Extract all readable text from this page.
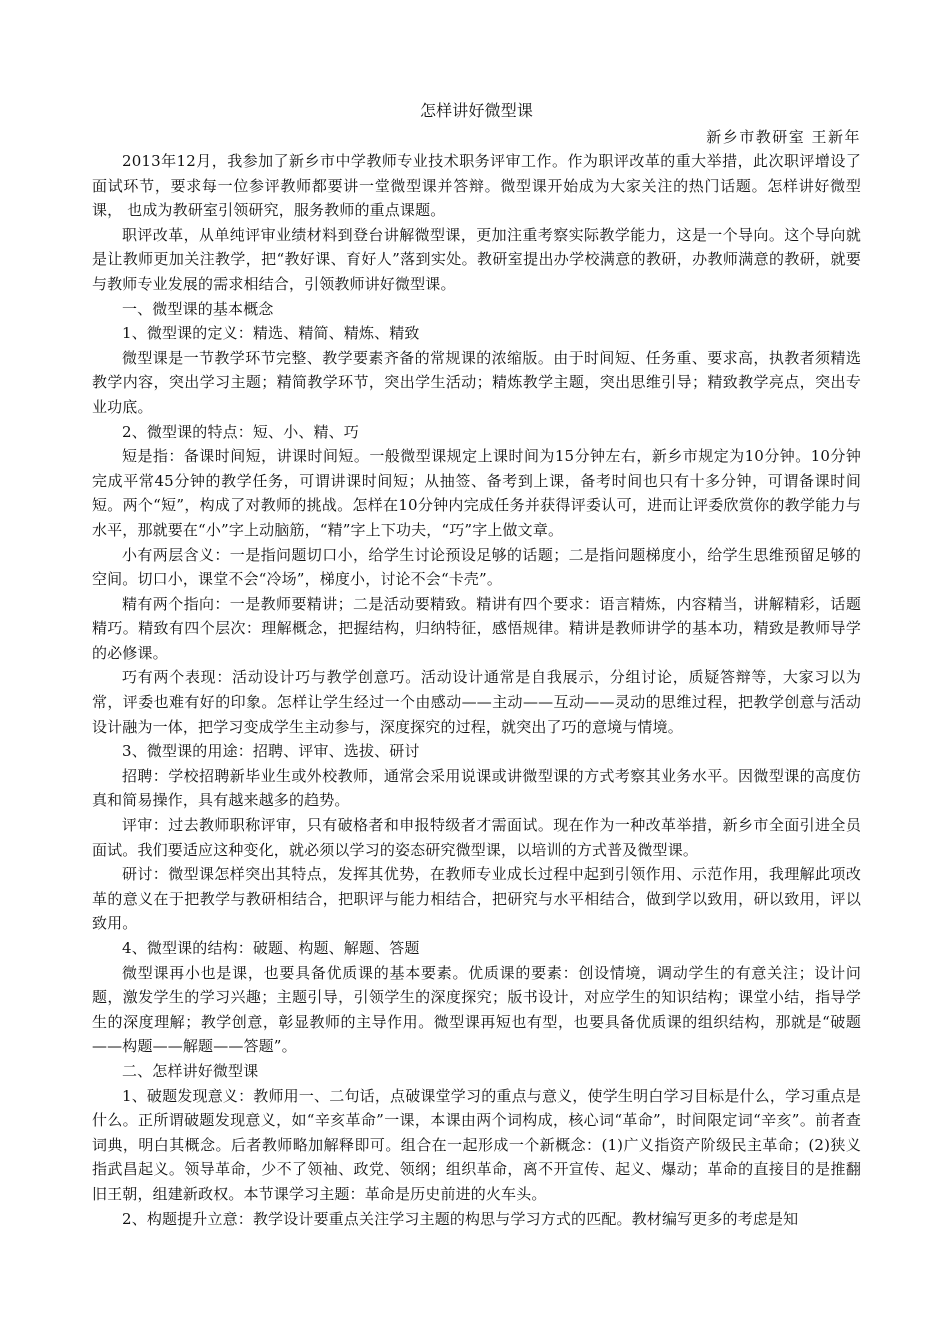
怎样讲好微型课
新乡市教研室 王新年

2013年12月，我参加了新乡市中学教师专业技术职务评审工作。作为职评改革的重大举措，此次职评增设了面试环节，要求每一位参评教师都要讲一堂微型课并答辩。微型课开始成为大家关注的热门话题。怎样讲好微型课， 也成为教研室引领研究，服务教师的重点课题。

职评改革，从单纯评审业绩材料到登台讲解微型课，更加注重考察实际教学能力，这是一个导向。这个导向就是让教师更加关注教学，把“教好课、育好人”落到实处。教研室提出办学校满意的教研，办教师满意的教研，就要与教师专业发展的需求相结合，引领教师讲好微型课。

一、微型课的基本概念

1、微型课的定义：精选、精简、精炼、精致

微型课是一节教学环节完整、教学要素齐备的常规课的浓缩版。由于时间短、任务重、要求高，执教者须精选教学内容，突出学习主题；精简教学环节，突出学生活动；精炼教学主题，突出思维引导；精致教学亮点，突出专业功底。

2、微型课的特点：短、小、精、巧

短是指：备课时间短，讲课时间短。一般微型课规定上课时间为15分钟左右，新乡市规定为10分钟。10分钟完成平常45分钟的教学任务，可谓讲课时间短；从抽签、备考到上课，备考时间也只有十多分钟，可谓备课时间短。两个“短”，构成了对教师的挑战。怎样在10分钟内完成任务并获得评委认可，进而让评委欣赏你的教学能力与水平，那就要在“小”字上动脑筋，“精”字上下功夫，“巧”字上做文章。

小有两层含义：一是指问题切口小，给学生讨论预设足够的话题；二是指问题梯度小，给学生思维预留足够的空间。切口小，课堂不会“冷场”，梯度小，讨论不会“卡壳”。

精有两个指向：一是教师要精讲；二是活动要精致。精讲有四个要求：语言精炼，内容精当，讲解精彩，话题精巧。精致有四个层次：理解概念，把握结构，归纳特征，感悟规律。精讲是教师讲学的基本功，精致是教师导学的必修课。

巧有两个表现：活动设计巧与教学创意巧。活动设计通常是自我展示，分组讨论，质疑答辩等，大家习以为常，评委也难有好的印象。怎样让学生经过一个由感动——主动——互动——灵动的思维过程，把教学创意与活动设计融为一体，把学习变成学生主动参与，深度探究的过程，就突出了巧的意境与情境。

3、微型课的用途：招聘、评审、选拔、研讨

招聘：学校招聘新毕业生或外校教师，通常会采用说课或讲微型课的方式考察其业务水平。因微型课的高度仿真和简易操作，具有越来越多的趋势。

评审：过去教师职称评审，只有破格者和申报特级者才需面试。现在作为一种改革举措，新乡市全面引进全员面试。我们要适应这种变化，就必须以学习的姿态研究微型课，以培训的方式普及微型课。

研讨：微型课怎样突出其特点，发挥其优势，在教师专业成长过程中起到引领作用、示范作用，我理解此项改革的意义在于把教学与教研相结合，把职评与能力相结合，把研究与水平相结合，做到学以致用，研以致用，评以致用。

4、微型课的结构：破题、构题、解题、答题

微型课再小也是课，也要具备优质课的基本要素。优质课的要素：创设情境，调动学生的有意关注；设计问题，激发学生的学习兴趣；主题引导，引领学生的深度探究；版书设计，对应学生的知识结构；课堂小结，指导学生的深度理解；教学创意，彰显教师的主导作用。微型课再短也有型，也要具备优质课的组织结构，那就是“破题——构题——解题——答题”。

二、怎样讲好微型课

1、破题发现意义：教师用一、二句话，点破课堂学习的重点与意义，使学生明白学习目标是什么，学习重点是什么。正所谓破题发现意义，如“辛亥革命”一课，本课由两个词构成，核心词“革命”，时间限定词“辛亥”。前者查词典，明白其概念。后者教师略加解释即可。组合在一起形成一个新概念：(1)广义指资产阶级民主革命；(2)狭义指武昌起义。领导革命，少不了领袖、政党、领纲；组织革命，离不开宣传、起义、爆动；革命的直接目的是推翻旧王朝，组建新政权。本节课学习主题：革命是历史前进的火车头。

2、构题提升立意：教学设计要重点关注学习主题的构思与学习方式的匹配。教材编写更多的考虑是知
